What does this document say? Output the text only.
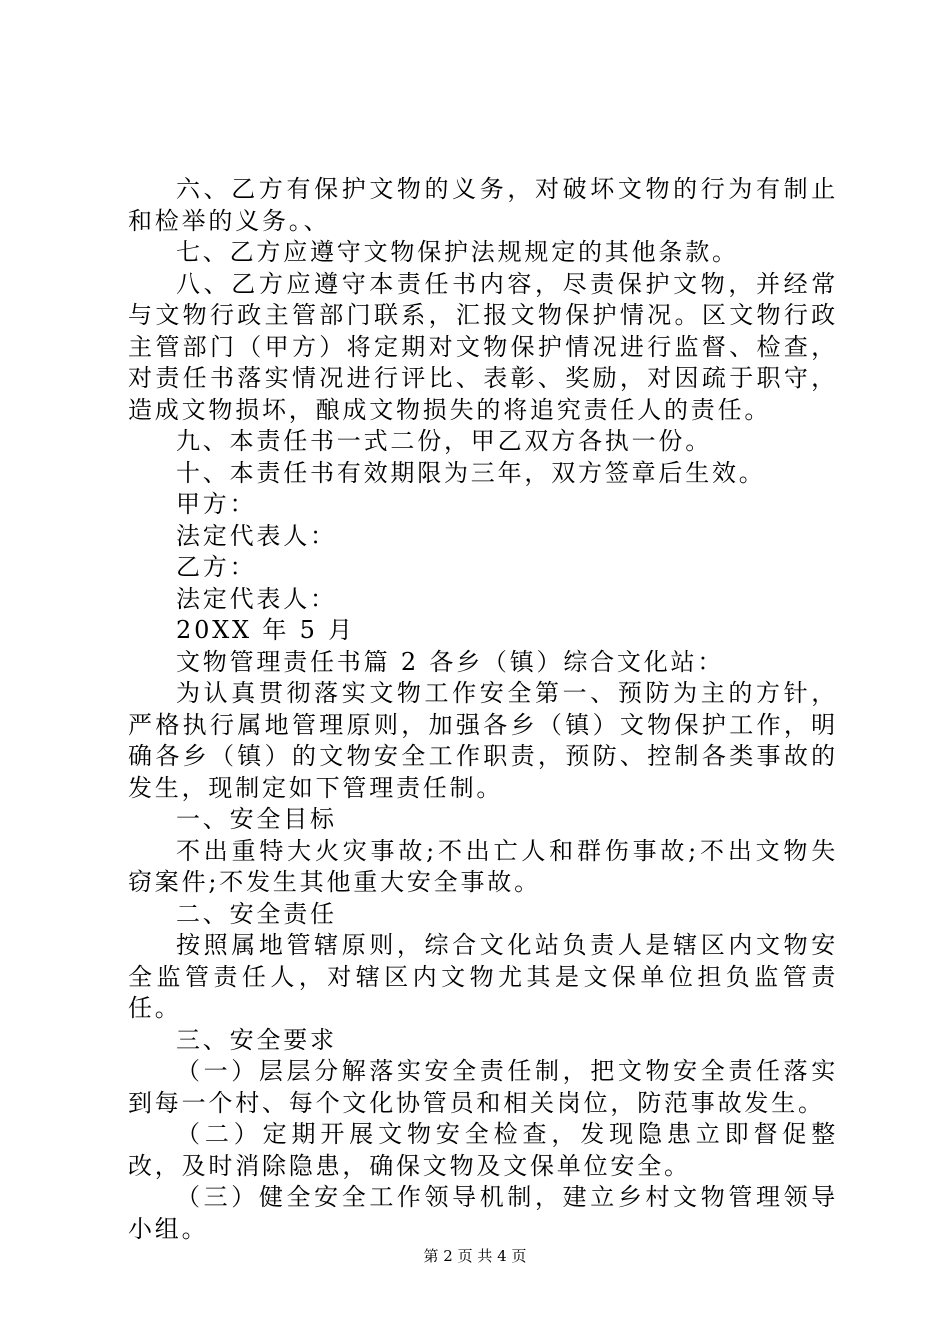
六、乙方有保护文物的义务，对破坏文物的行为有制止和检举的义务。、

七、乙方应遵守文物保护法规规定的其他条款。

八、乙方应遵守本责任书内容，尽责保护文物，并经常与文物行政主管部门联系，汇报文物保护情况。区文物行政主管部门（甲方）将定期对文物保护情况进行监督、检查，对责任书落实情况进行评比、表彰、奖励，对因疏于职守，造成文物损坏，酿成文物损失的将追究责任人的责任。

九、本责任书一式二份，甲乙双方各执一份。

十、本责任书有效期限为三年，双方签章后生效。

甲方：

法定代表人：

乙方：

法定代表人：

20XX 年 5 月

文物管理责任书篇 2 各乡（镇）综合文化站：

为认真贯彻落实文物工作安全第一、预防为主的方针，严格执行属地管理原则，加强各乡（镇）文物保护工作，明确各乡（镇）的文物安全工作职责，预防、控制各类事故的发生，现制定如下管理责任制。

一、安全目标

不出重特大火灾事故;不出亡人和群伤事故;不出文物失窃案件;不发生其他重大安全事故。

二、安全责任

按照属地管辖原则，综合文化站负责人是辖区内文物安全监管责任人，对辖区内文物尤其是文保单位担负监管责任。

三、安全要求

（一）层层分解落实安全责任制，把文物安全责任落实到每一个村、每个文化协管员和相关岗位，防范事故发生。

（二）定期开展文物安全检查，发现隐患立即督促整改，及时消除隐患，确保文物及文保单位安全。

（三）健全安全工作领导机制，建立乡村文物管理领导小组。

第 2 页 共 4 页
